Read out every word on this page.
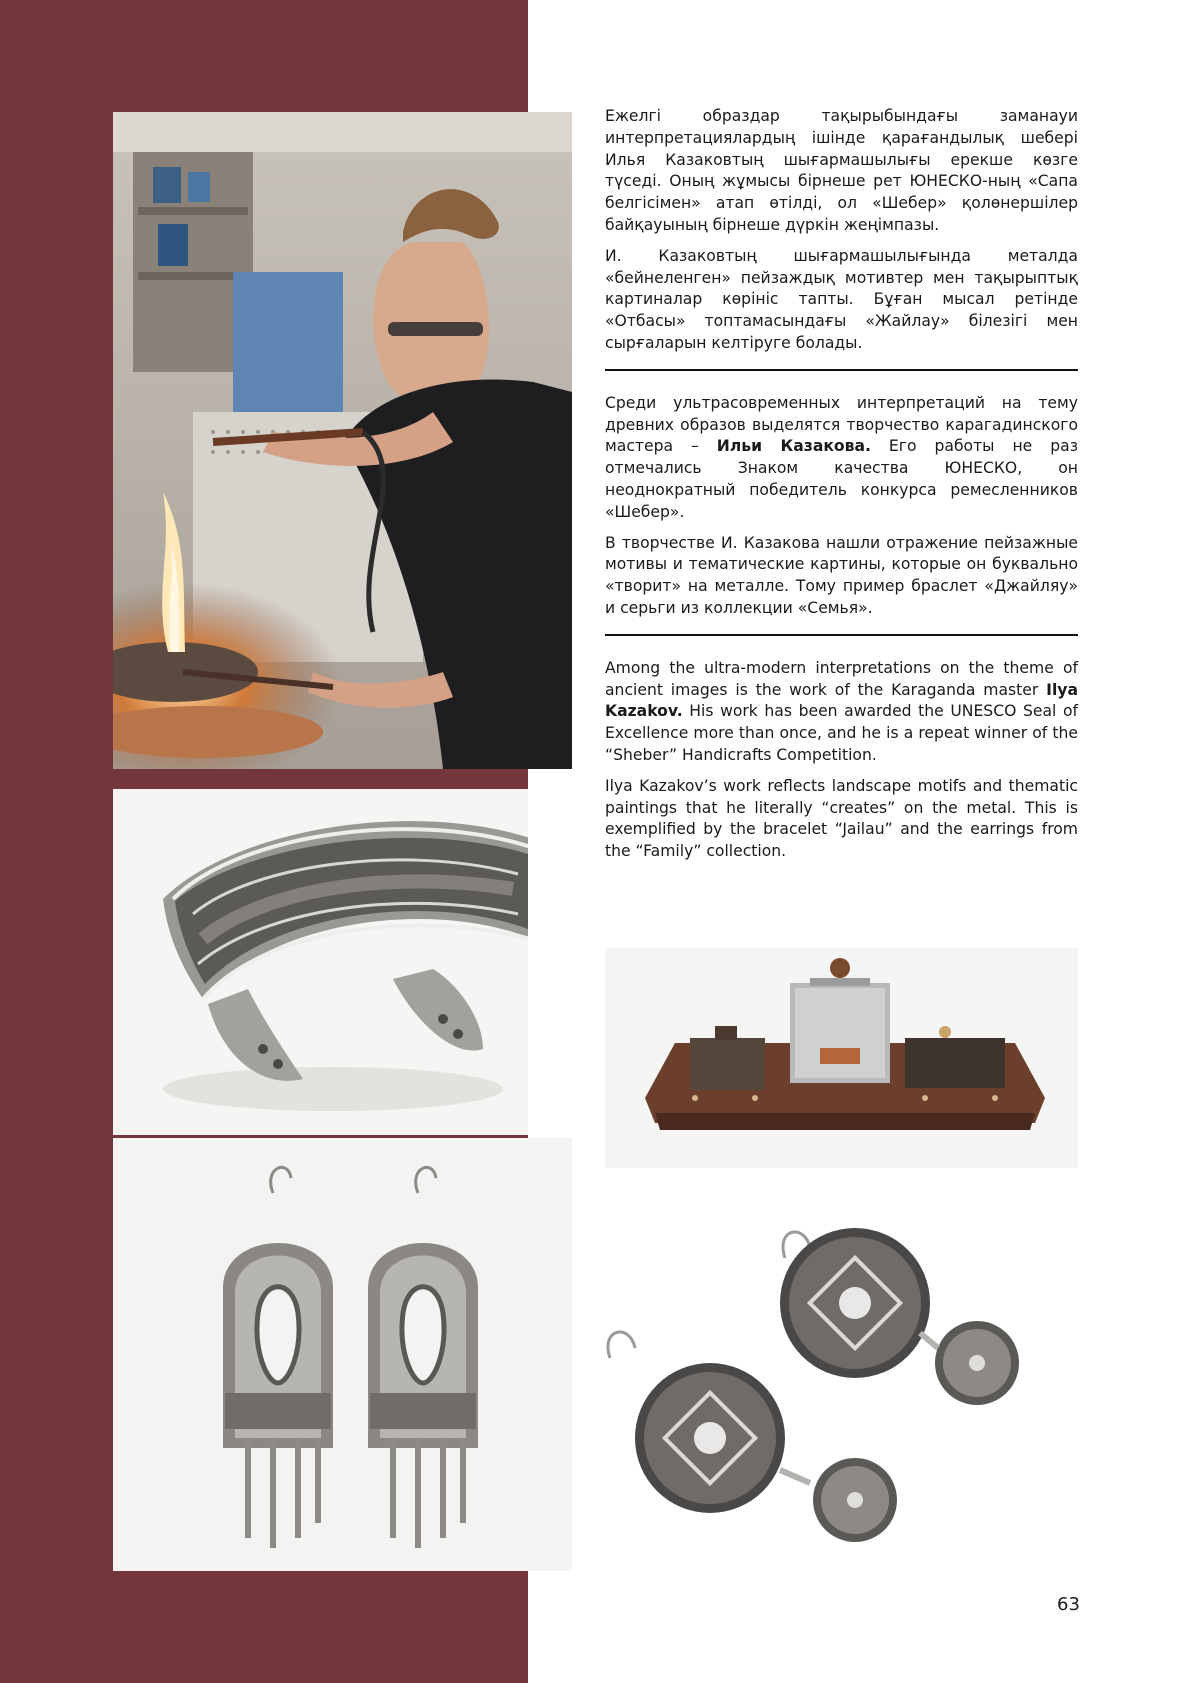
Ежелгі образдар тақырыбындағы заманауи интерпретациялардың ішінде қарағандылық шебері Илья Казаковтың шығармашылығы ерекше көзге түседі. Оның жұмысы бірнеше рет ЮНЕСКО-ның «Сапа белгісімен» атап өтілді, ол «Шебер» қолөнершілер байқауының бірнеше дүркін жеңімпазы.

И. Казаковтың шығармашылығында металда «бейнеленген» пейзаждық мотивтер мен тақырыптық картиналар көрініс тапты. Бұған мысал ретінде «Отбасы» топтамасындағы «Жайлау» білезігі мен сырғаларын келтіруге болады.

Среди ультрасовременных интерпретаций на тему древних образов выделятся творчество карагадинского мастера – Ильи Казакова. Его работы не раз отмечались Знаком качества ЮНЕСКО, он неоднократный победитель конкурса ремесленников «Шебер».

В творчестве И. Казакова нашли отражение пейзажные мотивы и тематические картины, которые он буквально «творит» на металле. Тому пример браслет «Джайляу» и серьги из коллекции «Семья».

Among the ultra-modern interpretations on the theme of ancient images is the work of the Karaganda master Ilya Kazakov. His work has been awarded the UNESCO Seal of Excellence more than once, and he is a repeat winner of the “Sheber” Handicrafts Competition.

Ilya Kazakov’s work reflects landscape motifs and thematic paintings that he literally “creates” on the metal. This is exemplified by the bracelet “Jailau” and the earrings from the “Family” collection.

63
